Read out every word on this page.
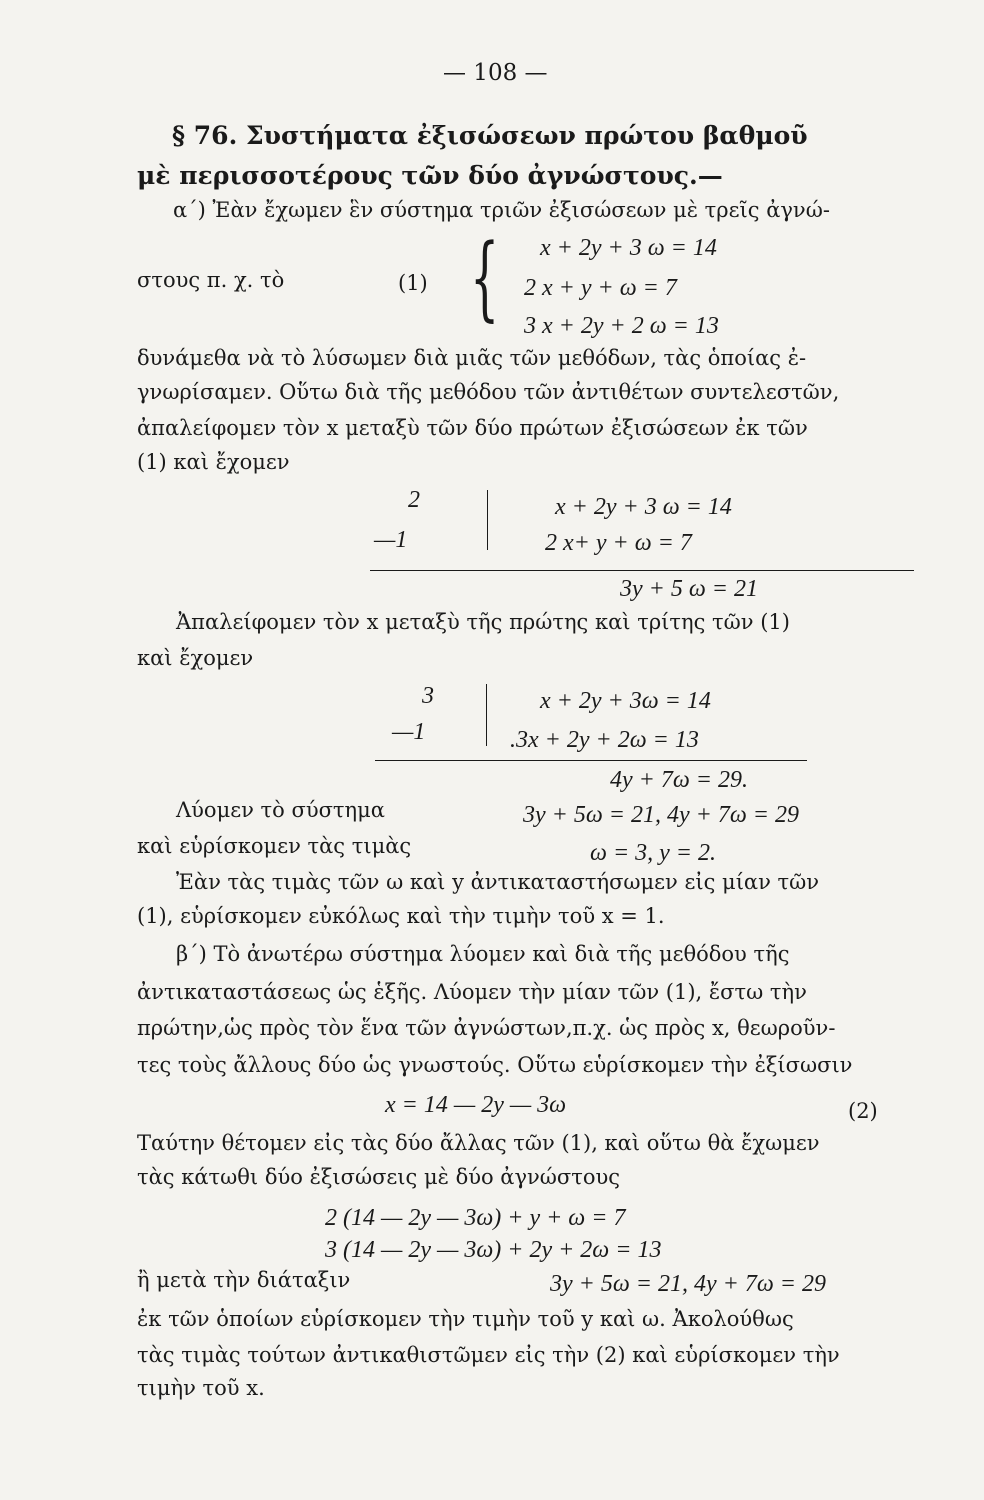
— 108 —
§ 76. Συστήματα ἐξισώσεων πρώτου βαθμοῦ
μὲ περισσοτέρους τῶν δύο ἀγνώστους.—
α΄) Ἐὰν ἔχωμεν ἓν σύστημα τριῶν ἐξισώσεων μὲ τρεῖς ἀγνώ-
στους π. χ. τὸ	(1) { x + 2y + 3 ω = 14
2 x + y + ω = 7
3 x + 2y + 2 ω = 13
δυνάμεθα νὰ τὸ λύσωμεν διὰ μιᾶς τῶν μεθόδων, τὰς ὁποίας ἐ-
γνωρίσαμεν. Οὕτω διὰ τῆς μεθόδου τῶν ἀντιθέτων συντελεστῶν,
ἀπαλείφομεν τὸν x μεταξὺ τῶν δύο πρώτων ἐξισώσεων ἐκ τῶν
(1) καὶ ἔχομεν
2
—1
x + 2y + 3 ω = 14
2 x+ y + ω = 7
3y + 5 ω = 21
Ἀπαλείφομεν τὸν x μεταξὺ τῆς πρώτης καὶ τρίτης τῶν (1)
καὶ ἔχομεν
3
—1
x + 2y + 3ω = 14
.3x + 2y + 2ω = 13
4y + 7ω = 29.
Λύομεν τὸ σύστημα	3y + 5ω = 21, 4y + 7ω = 29
καὶ εὑρίσκομεν τὰς τιμὰς	ω = 3, y = 2.
Ἐὰν τὰς τιμὰς τῶν ω καὶ y ἀντικαταστήσωμεν εἰς μίαν τῶν
(1), εὑρίσκομεν εὐκόλως καὶ τὴν τιμὴν τοῦ x = 1.
β΄) Τὸ ἀνωτέρω σύστημα λύομεν καὶ διὰ τῆς μεθόδου τῆς
ἀντικαταστάσεως ὡς ἑξῆς. Λύομεν τὴν μίαν τῶν (1), ἔστω τὴν
πρώτην,ὡς πρὸς τὸν ἕνα τῶν ἀγνώστων,π.χ. ὡς πρὸς x, θεωροῦν-
τες τοὺς ἄλλους δύο ὡς γνωστούς. Οὕτω εὑρίσκομεν τὴν ἐξίσωσιν
x = 14 — 2y — 3ω	(2)
Ταύτην θέτομεν εἰς τὰς δύο ἄλλας τῶν (1), καὶ οὕτω θὰ ἔχωμεν
τὰς κάτωθι δύο ἐξισώσεις μὲ δύο ἀγνώστους
2 (14 — 2y — 3ω) + y + ω = 7
3 (14 — 2y — 3ω) + 2y + 2ω = 13
ἢ μετὰ τὴν διάταξιν	3y + 5ω = 21, 4y + 7ω = 29
ἐκ τῶν ὁποίων εὑρίσκομεν τὴν τιμὴν τοῦ y καὶ ω. Ἀκολούθως
τὰς τιμὰς τούτων ἀντικαθιστῶμεν εἰς τὴν (2) καὶ εὑρίσκομεν τὴν
τιμὴν τοῦ x.
